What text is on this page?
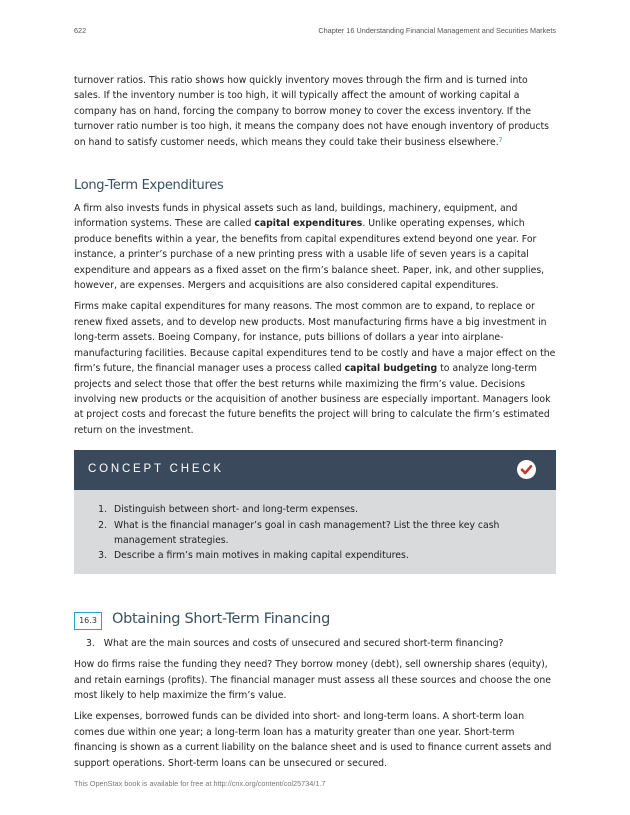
622	Chapter 16 Understanding Financial Management and Securities Markets

turnover ratios. This ratio shows how quickly inventory moves through the firm and is turned into sales. If the inventory number is too high, it will typically affect the amount of working capital a company has on hand, forcing the company to borrow money to cover the excess inventory. If the turnover ratio number is too high, it means the company does not have enough inventory of products on hand to satisfy customer needs, which means they could take their business elsewhere.$^7$

Long-Term Expenditures

A firm also invests funds in physical assets such as land, buildings, machinery, equipment, and information systems. These are called capital expenditures. Unlike operating expenses, which produce benefits within a year, the benefits from capital expenditures extend beyond one year. For instance, a printer’s purchase of a new printing press with a usable life of seven years is a capital expenditure and appears as a fixed asset on the firm’s balance sheet. Paper, ink, and other supplies, however, are expenses. Mergers and acquisitions are also considered capital expenditures.

Firms make capital expenditures for many reasons. The most common are to expand, to replace or renew fixed assets, and to develop new products. Most manufacturing firms have a big investment in long-term assets. Boeing Company, for instance, puts billions of dollars a year into airplane-manufacturing facilities. Because capital expenditures tend to be costly and have a major effect on the firm’s future, the financial manager uses a process called capital budgeting to analyze long-term projects and select those that offer the best returns while maximizing the firm’s value. Decisions involving new products or the acquisition of another business are especially important. Managers look at project costs and forecast the future benefits the project will bring to calculate the firm’s estimated return on the investment.

CONCEPT CHECK
1. Distinguish between short- and long-term expenses.
2. What is the financial manager’s goal in cash management? List the three key cash management strategies.
3. Describe a firm’s main motives in making capital expenditures.
16.3	Obtaining Short-Term Financing

3. What are the main sources and costs of unsecured and secured short-term financing?

How do firms raise the funding they need? They borrow money (debt), sell ownership shares (equity), and retain earnings (profits). The financial manager must assess all these sources and choose the one most likely to help maximize the firm’s value.

Like expenses, borrowed funds can be divided into short- and long-term loans. A short-term loan comes due within one year; a long-term loan has a maturity greater than one year. Short-term financing is shown as a current liability on the balance sheet and is used to finance current assets and support operations. Short-term loans can be unsecured or secured.

This OpenStax book is available for free at http://cnx.org/content/col25734/1.7
